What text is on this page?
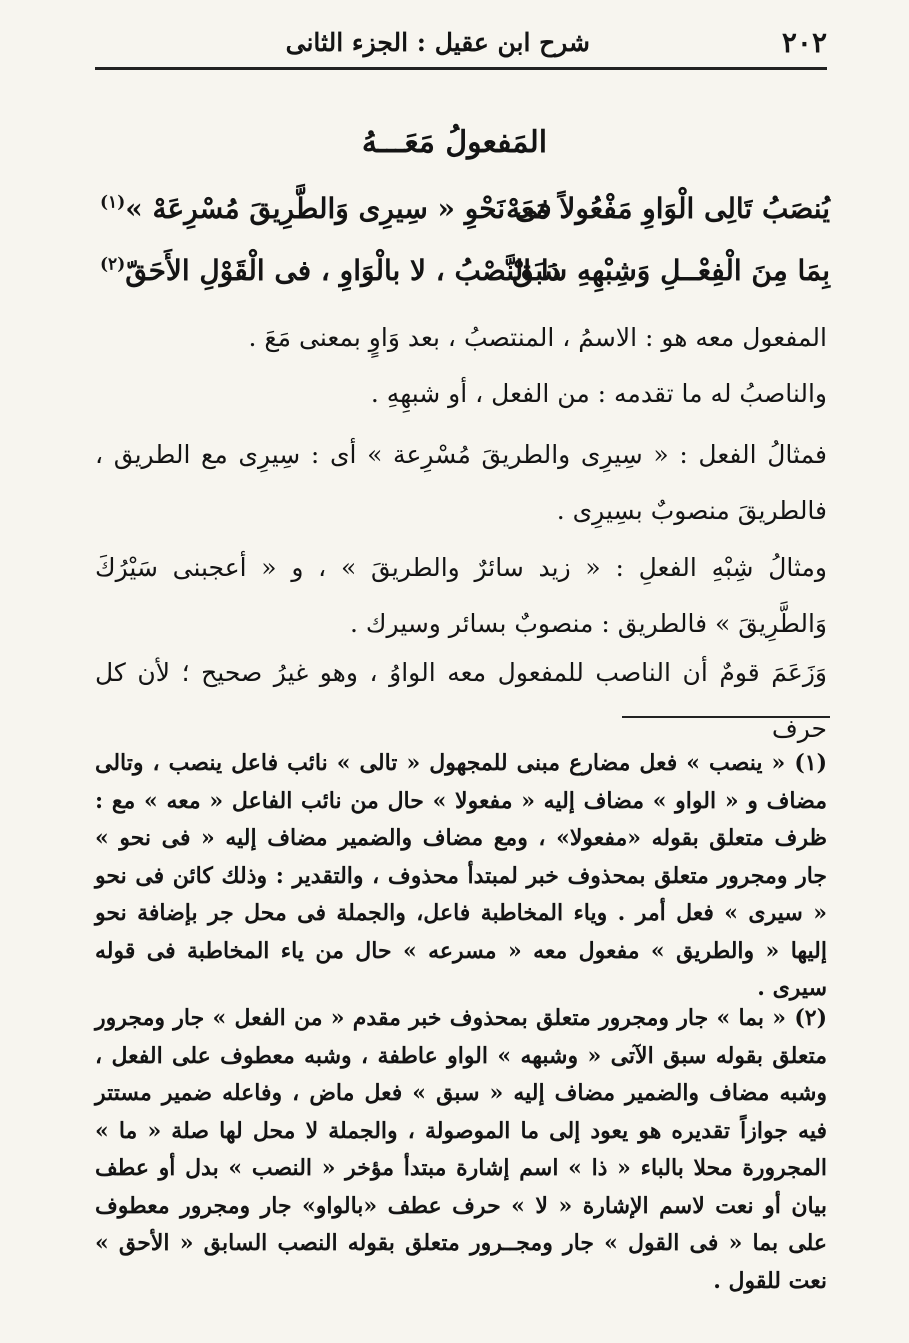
٢٠٢
شرح ابن عقيل : الجزء الثانى
المَفعولُ مَعَـــهُ
يُنصَبُ تَالِى الْوَاوِ مَفْعُولاً مَعَهْ
فى نَحْوِ « سِيرِى وَالطَّرِيقَ مُسْرِعَهْ »$^{(١)}$
بِمَا مِنَ الْفِعْــلِ وَشِبْهِهِ سَبَقْ
ذا النَّصْبُ ، لا بالْوَاوِ ، فى الْقَوْلِ الأَحَقّ$^{(٢)}$

المفعول معه هو : الاسمُ ، المنتصبُ ، بعد وَاوٍ بمعنى مَعَ .

والناصبُ له ما تقدمه : من الفعل ، أو شبهِهِ .

فمثالُ الفعل : « سِيرِى والطريقَ مُسْرِعة » أى : سِيرِى مع الطريق ، فالطريقَ منصوبٌ بسِيرِى .

ومثالُ شِبْهِ الفعلِ : « زيد سائرٌ والطريقَ » ، و « أعجبنى سَيْرُكَ وَالطَّرِيقَ » فالطريق : منصوبٌ بسائر وسيرك .

وَزَعَمَ قومٌ أن الناصب للمفعول معه الواوُ ، وهو غيرُ صحيح ؛ لأن كل حرف

(١) « ينصب » فعل مضارع مبنى للمجهول « تالى » نائب فاعل ينصب ، وتالى مضاف و « الواو » مضاف إليه « مفعولا » حال من نائب الفاعل « معه » مع : ظرف متعلق بقوله «مفعولا» ، ومع مضاف والضمير مضاف إليه « فى نحو » جار ومجرور متعلق بمحذوف خبر لمبتدأ محذوف ، والتقدير : وذلك كائن فى نحو « سيرى » فعل أمر . وياء المخاطبة فاعل، والجملة فى محل جر بإضافة نحو إليها « والطريق » مفعول معه « مسرعه » حال من ياء المخاطبة فى قوله سيرى .
(٢) « بما » جار ومجرور متعلق بمحذوف خبر مقدم « من الفعل » جار ومجرور متعلق بقوله سبق الآتى « وشبهه » الواو عاطفة ، وشبه معطوف على الفعل ، وشبه مضاف والضمير مضاف إليه « سبق » فعل ماض ، وفاعله ضمير مستتر فيه جوازاً تقديره هو يعود إلى ما الموصولة ، والجملة لا محل لها صلة « ما » المجرورة محلا بالباء « ذا » اسم إشارة مبتدأ مؤخر « النصب » بدل أو عطف بيان أو نعت لاسم الإشارة « لا » حرف عطف «بالواو» جار ومجرور معطوف على بما « فى القول » جار ومجــرور متعلق بقوله النصب السابق « الأحق » نعت للقول .
